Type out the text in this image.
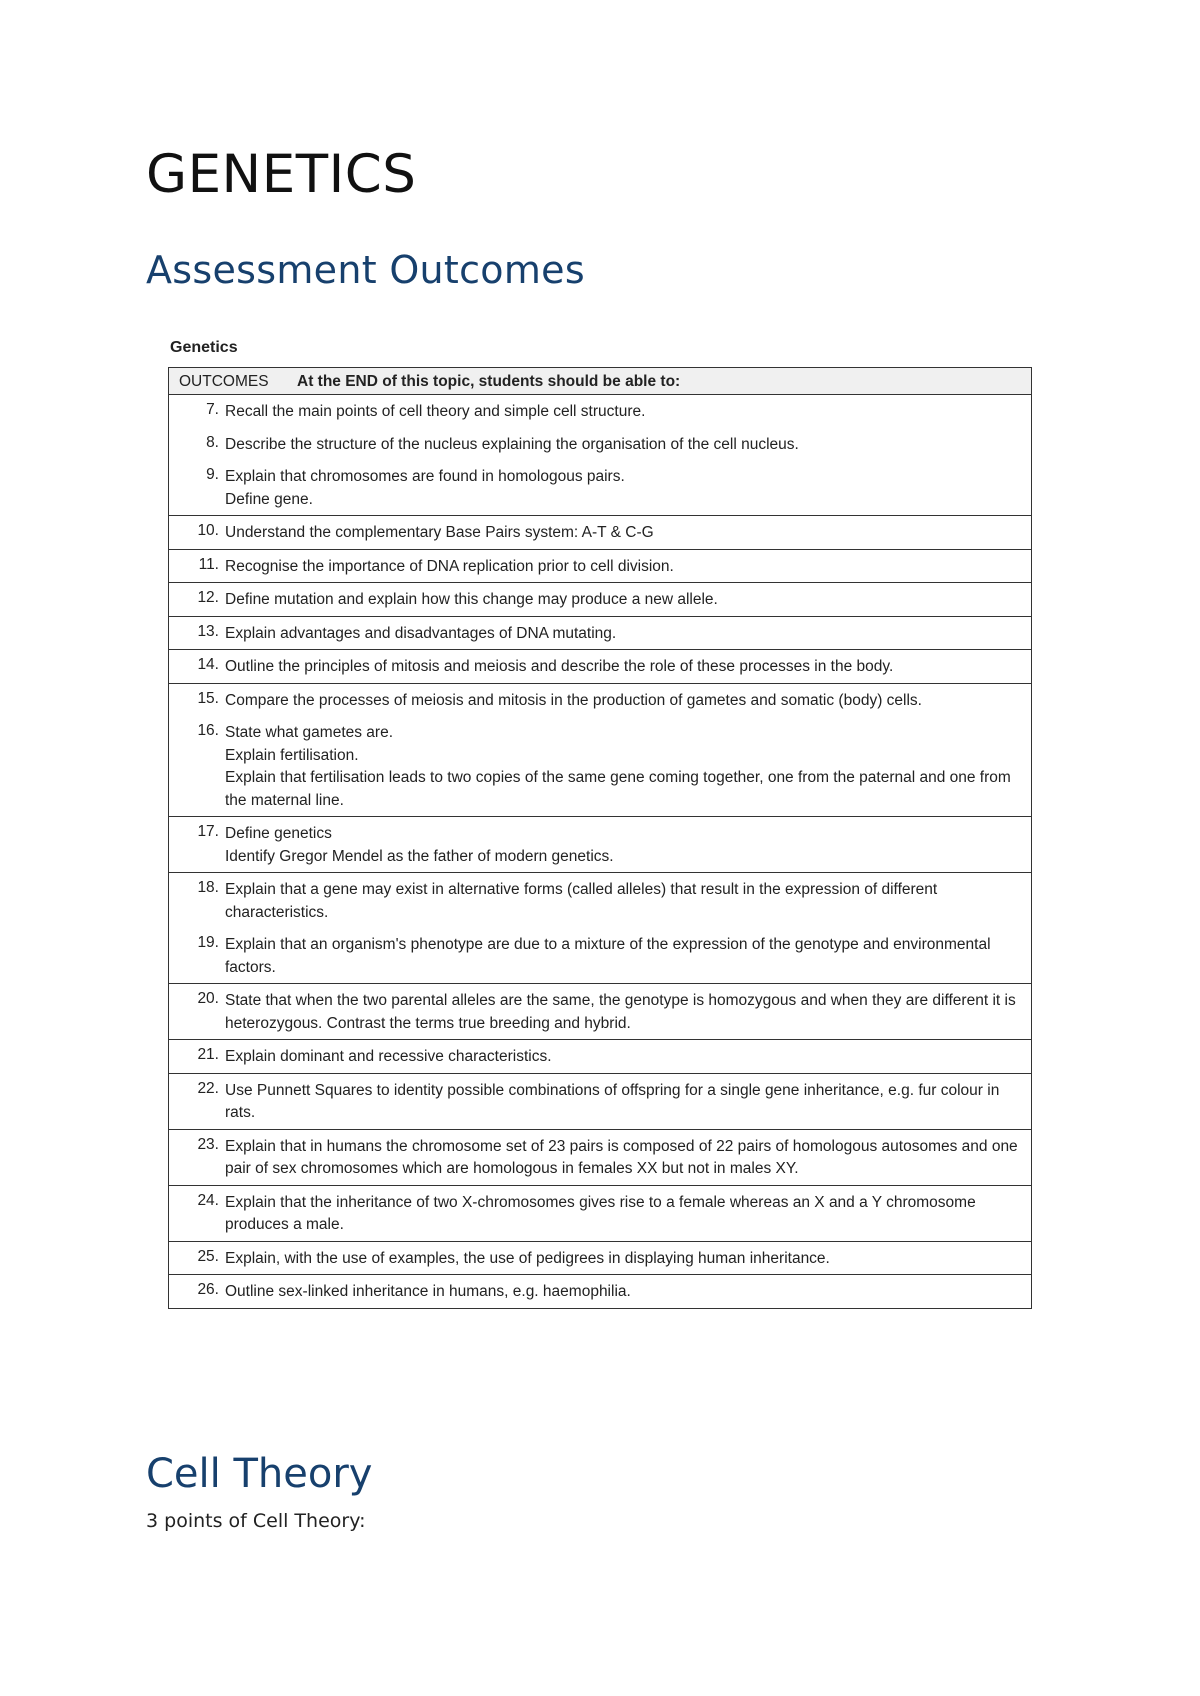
GENETICS
Assessment Outcomes
Genetics
OUTCOMES At the END of this topic, students should be able to:	
7.	Recall the main points of cell theory and simple cell structure.

8.	Describe the structure of the nucleus explaining the organisation of the cell nucleus.

9.	Explain that chromosomes are found in homologous pairs.
Define gene.

10.	Understand the complementary Base Pairs system: A-T & C-G

11.	Recognise the importance of DNA replication prior to cell division.

12.	Define mutation and explain how this change may produce a new allele.

13.	Explain advantages and disadvantages of DNA mutating.

14.	Outline the principles of mitosis and meiosis and describe the role of these processes in the body.

15.	Compare the processes of meiosis and mitosis in the production of gametes and somatic (body) cells.

16.	State what gametes are.
Explain fertilisation.
Explain that fertilisation leads to two copies of the same gene coming together, one from the paternal and one from the maternal line.

17.	Define genetics
Identify Gregor Mendel as the father of modern genetics.

18.	Explain that a gene may exist in alternative forms (called alleles) that result in the expression of different characteristics.

19.	Explain that an organism's phenotype are due to a mixture of the expression of the genotype and environmental factors.

20.	State that when the two parental alleles are the same, the genotype is homozygous and when they are different it is heterozygous. Contrast the terms true breeding and hybrid.

21.	Explain dominant and recessive characteristics.

22.	Use Punnett Squares to identity possible combinations of offspring for a single gene inheritance, e.g. fur colour in rats.

23.	Explain that in humans the chromosome set of 23 pairs is composed of 22 pairs of homologous autosomes and one pair of sex chromosomes which are homologous in females XX but not in males XY.

24.	Explain that the inheritance of two X-chromosomes gives rise to a female whereas an X and a Y chromosome produces a male.

25.	Explain, with the use of examples, the use of pedigrees in displaying human inheritance.

26.	Outline sex-linked inheritance in humans, e.g. haemophilia.
Cell Theory

3 points of Cell Theory:
